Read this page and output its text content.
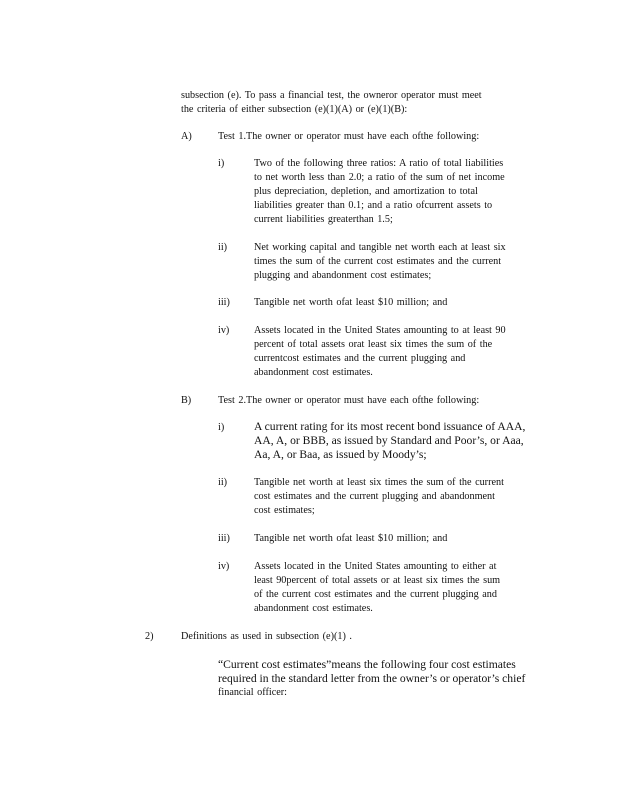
subsection (e). To pass a financial test, the owneror operator must meet
the criteria of either subsection (e)(1)(A) or (e)(1)(B):
A)	Test 1.The owner or operator must have each ofthe following:
i)	Two of the following three ratios: A ratio of total liabilities
to net worth less than 2.0; a ratio of the sum of net income
plus depreciation, depletion, and amortization to total
liabilities greater than 0.1; and a ratio ofcurrent assets to
current liabilities greaterthan 1.5;
ii)	Net working capital and tangible net worth each at least six
times the sum of the current cost estimates and the current
plugging and abandonment cost estimates;
iii) Tangible net worth ofat least $10 million; and
iv) Assets located in the United States amounting to at least 90
percent of total assets orat least six times the sum of the
currentcost estimates and the current plugging and
abandonment cost estimates.
B)	Test 2.The owner or operator must have each ofthe following:
i)	A current rating for its most recent bond issuance of AAA,
AA, A, or BBB, as issued by Standard and Poor’s, or Aaa,
Aa, A, or Baa, as issued by Moody’s;
ii)	Tangible net worth at least six times the sum of the current
cost estimates and the current plugging and abandonment
cost estimates;
iii) Tangible net worth ofat least $10 million; and
iv) Assets located in the United States amounting to either at
least 90percent of total assets or at least six times the sum
of the current cost estimates and the current plugging and
abandonment cost estimates.
2)	Definitions as used in subsection (e)(1) .
“Current cost estimates”means the following four cost estimates
required in the standard letter from the owner’s or operator’s chief
financial officer:
